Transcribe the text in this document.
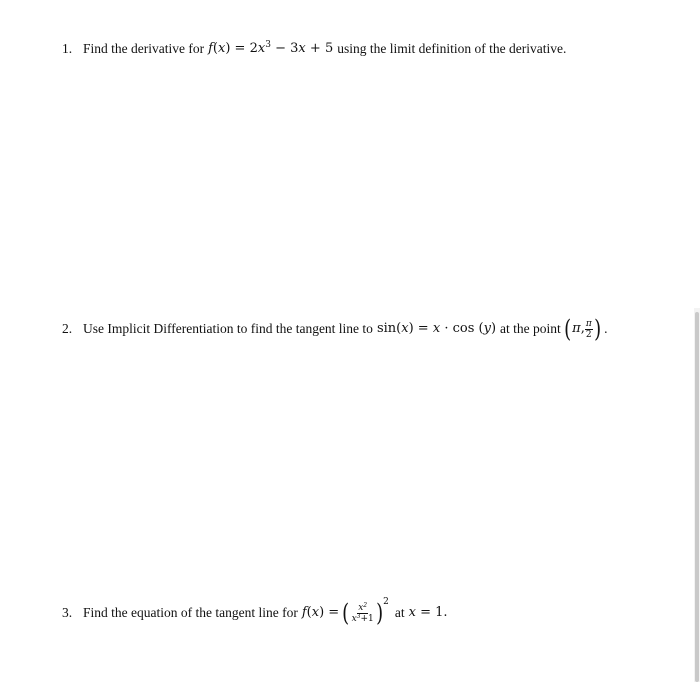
1. Find the derivative for $f(x) = 2x^3 - 3x + 5$ using the limit definition of the derivative.
2. Use Implicit Differentiation to find the tangent line to sin(x) = x · cos (y) at the point ( π , $\frac{\pi}{2}$ ) .
3. Find the equation of the tangent line for f(x) = ( $\frac{x^2}{x^3+1}$ ) 2
at x = 1.
